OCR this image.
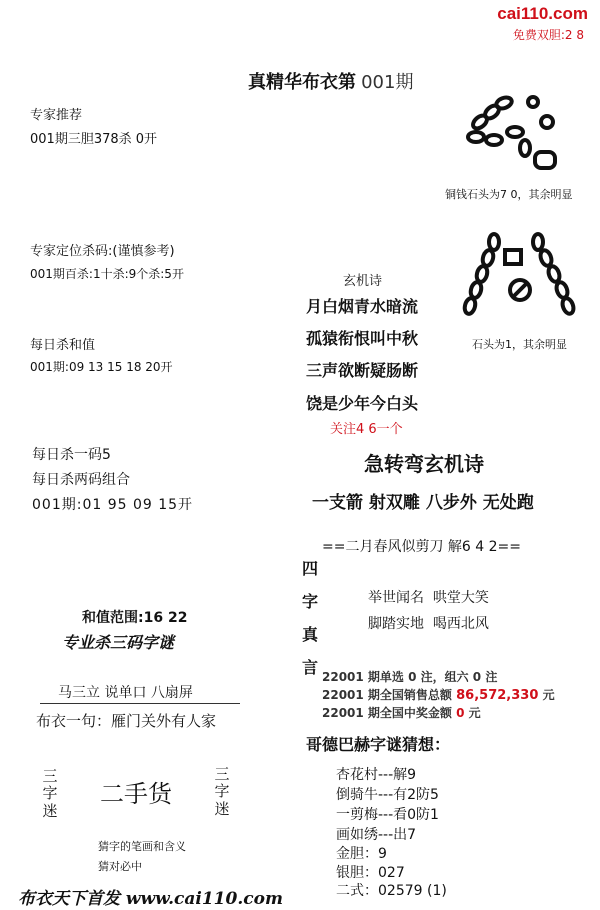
cai110.com
免费双胆:2 8
真精华布衣第 001期
专家推荐
001期三胆378杀 0开
专家定位杀码:(谨慎参考)
001期百杀:1十杀:9个杀:5开
每日杀和值
001期:09 13 15 18 20开
每日杀一码5
每日杀两码组合
001期:01 95 09 15开
铜钱石头为7 0，其余明显
石头为1，其余明显
玄机诗
月白烟青水暗流
孤猿衔恨叫中秋
三声欲断疑肠断
饶是少年今白头
关注4 6一个
急转弯玄机诗
一支箭 射双雕 八步外 无处跑
==二月春风似剪刀 解6 4 2==
四
字
真
言
举世闻名  哄堂大笑
脚踏实地  喝西北风
22001 期单选 0 注，组六 0 注
22001 期全国销售总额 86,572,330 元
22001 期全国中奖金额 0 元
哥德巴赫字谜猜想：
杏花村---解9
倒骑牛---有2防5
一剪梅---看0防1
画如绣---出7
金胆：9
银胆：027
二式：02579 (1)
和值范围:16 22
专业杀三码字谜
马三立 说单口 八扇屏
布衣一句：雁门关外有人家
三
字
迷
二手货
三
字
迷
猜字的笔画和含义
猜对必中
布衣天下首发 www.cai110.com
